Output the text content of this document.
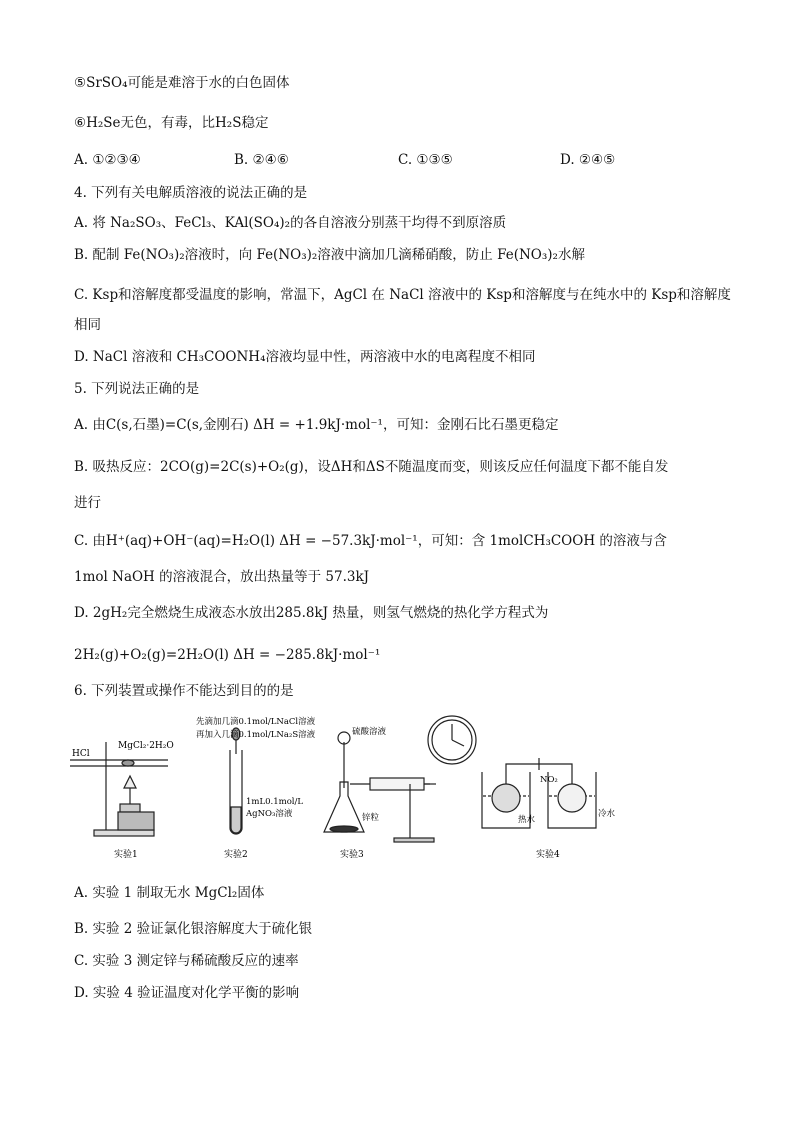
⑤SrSO₄可能是难溶于水的白色固体
⑥H₂Se无色，有毒，比H₂S稳定
A. ①②③④	B. ②④⑥	C. ①③⑤	D. ②④⑤
4. 下列有关电解质溶液的说法正确的是
A. 将 Na₂SO₃、FeCl₃、KAl(SO₄)₂的各自溶液分别蒸干均得不到原溶质
B. 配制 Fe(NO₃)₂溶液时，向 Fe(NO₃)₂溶液中滴加几滴稀硝酸，防止 Fe(NO₃)₂水解
C. Ksp和溶解度都受温度的影响，常温下，AgCl 在 NaCl 溶液中的 Ksp和溶解度与在纯水中的 Ksp和溶解度
相同
D. NaCl 溶液和 CH₃COONH₄溶液均显中性，两溶液中水的电离程度不相同
5. 下列说法正确的是
A. 由C(s,石墨)=C(s,金刚石) ΔH = +1.9kJ·mol⁻¹，可知：金刚石比石墨更稳定
B. 吸热反应：2CO(g)=2C(s)+O₂(g)，设ΔH和ΔS不随温度而变，则该反应任何温度下都不能自发
进行
C. 由H⁺(aq)+OH⁻(aq)=H₂O(l) ΔH = −57.3kJ·mol⁻¹，可知：含 1molCH₃COOH 的溶液与含
1mol NaOH 的溶液混合，放出热量等于 57.3kJ
D. 2gH₂完全燃烧生成液态水放出285.8kJ 热量，则氢气燃烧的热化学方程式为
2H₂(g)+O₂(g)=2H₂O(l) ΔH = −285.8kJ·mol⁻¹
6. 下列装置或操作不能达到目的的是
HCl
MgCl₂·2H₂O
实验1
先滴加几滴0.1mol/LNaCl溶液
再加入几滴0.1mol/LNa₂S溶液
1mL0.1mol/L
AgNO₃溶液
实验2
硫酸溶液
锌粒
实验3
NO₂
热水
冷水
实验4
A. 实验 1 制取无水 MgCl₂固体
B. 实验 2 验证氯化银溶解度大于硫化银
C. 实验 3 测定锌与稀硫酸反应的速率
D. 实验 4 验证温度对化学平衡的影响
